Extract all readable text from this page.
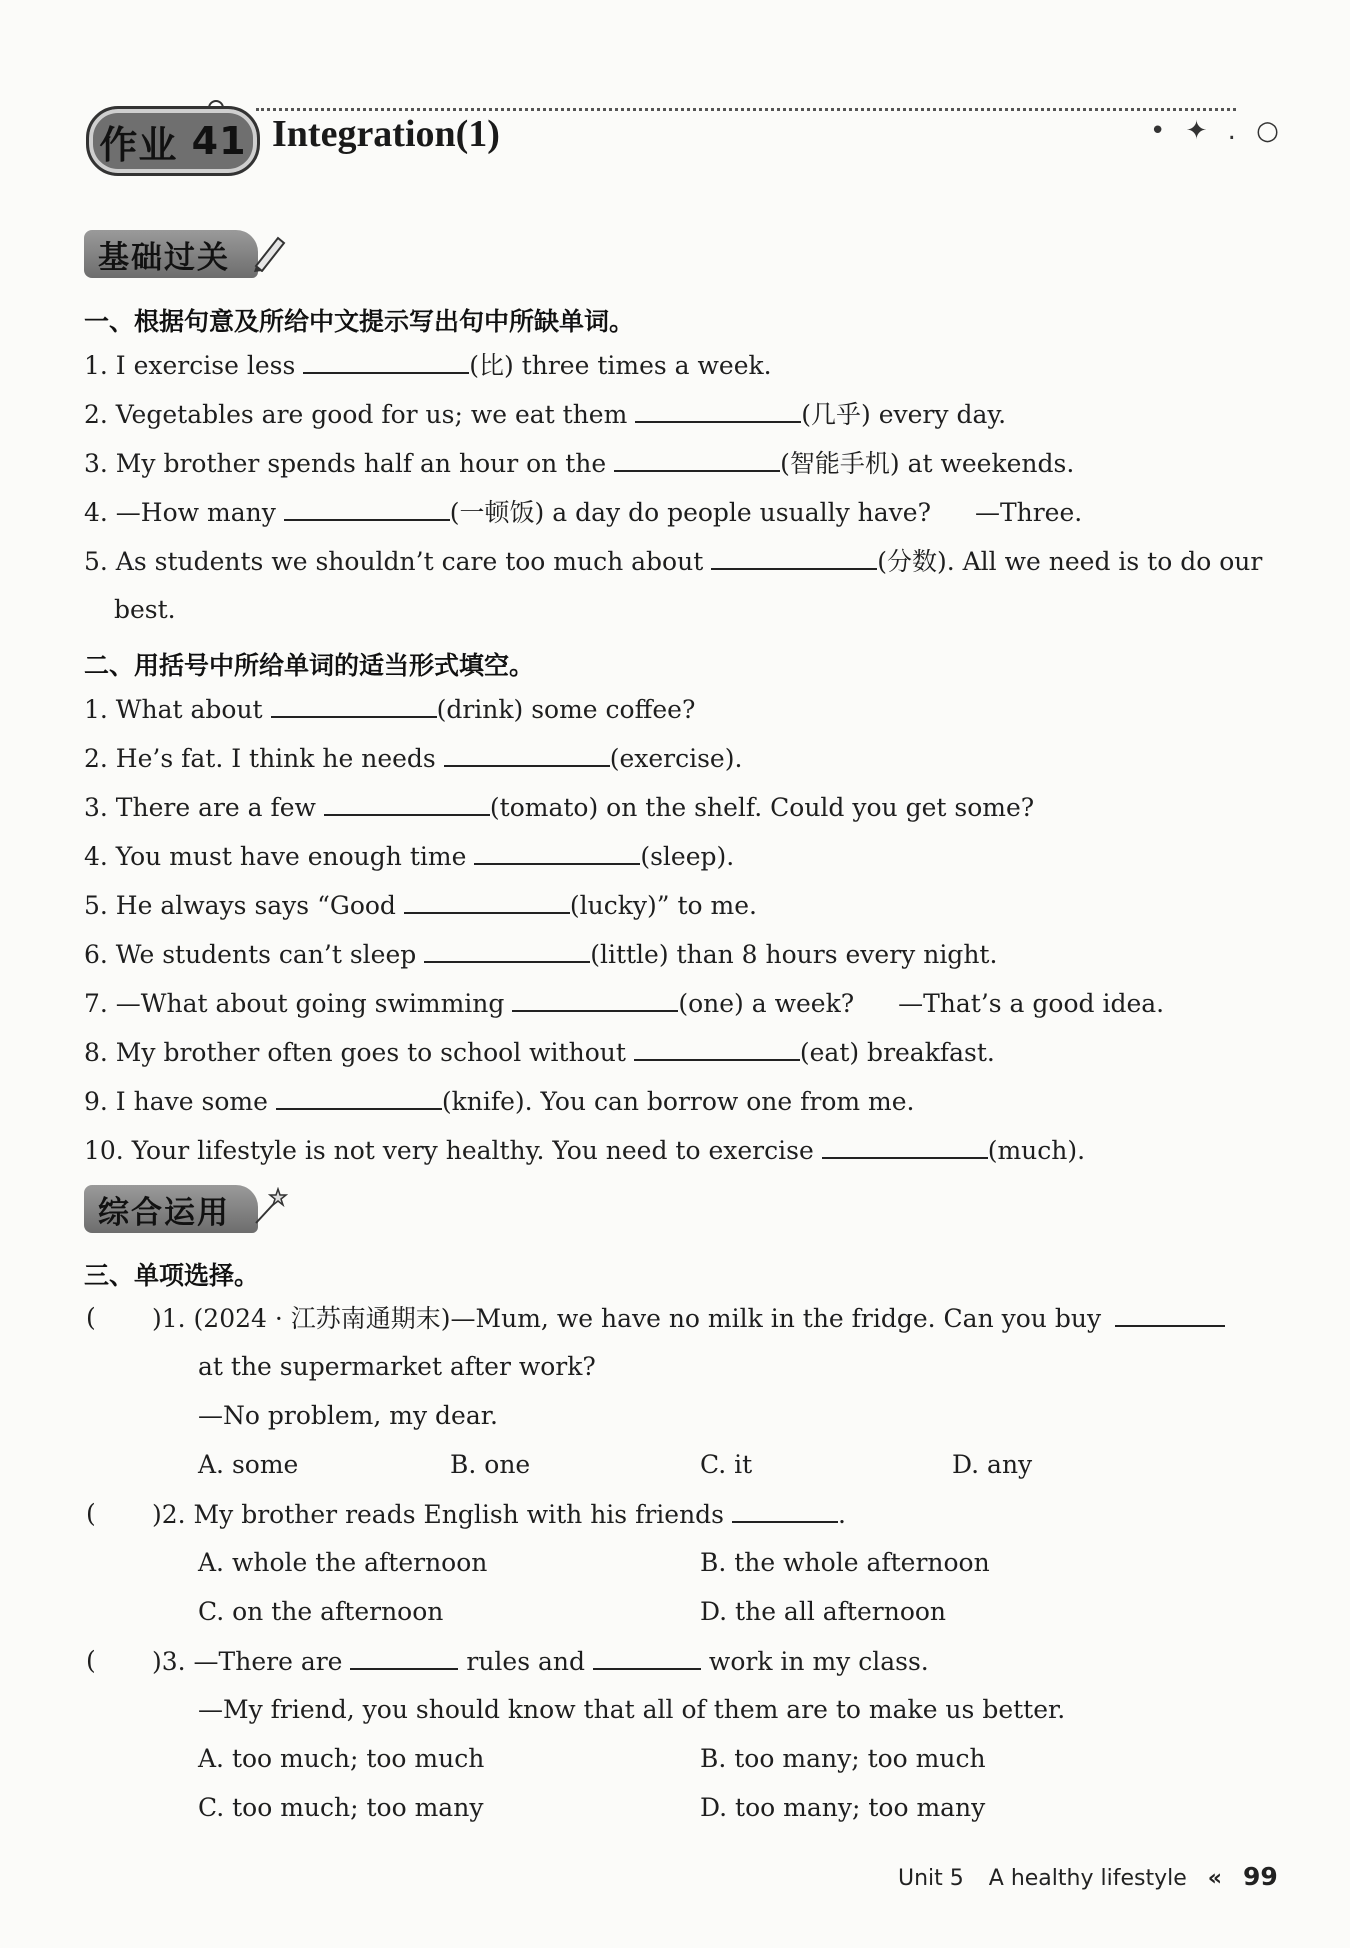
作业
41 Integration(1)	• ✦ . ○
基础过关
一、根据句意及所给中文提示写出句中所缺单词。
1. I exercise less	(比) three times a week.
2. Vegetables are good for us; we eat them	(几乎) every day.
3. My brother spends half an hour on the	(智能手机) at weekends.
4. —How many	(一顿饭) a day do people usually have? —Three.
5. As students we shouldn’t care too much about	(分数). All we need is to do our
best.
二、用括号中所给单词的适当形式填空。
1. What about	(drink) some coffee?
2. He’s fat. I think he needs	(exercise).
3. There are a few	(tomato) on the shelf. Could you get some?
4. You must have enough time	(sleep).
5. He always says “Good	(lucky)” to me.
6. We students can’t sleep	(little) than 8 hours every night.
7. —What about going swimming	(one) a week? —That’s a good idea.
8. My brother often goes to school without	(eat) breakfast.
9. I have some	(knife). You can borrow one from me.
10. Your lifestyle is not very healthy. You need to exercise	(much).
综合运用
三、单项选择。
( )1. (2024 · 江苏南通期末)—Mum, we have no milk in the fridge. Can you buy
at the supermarket after work?
—No problem, my dear.
A. some	B. one	C. it	D. any
( )2. My brother reads English with his friends	.
A. whole the afternoon	B. the whole afternoon
C. on the afternoon	D. the all afternoon
( )3. —There are	rules and	work in my class.
—My friend, you should know that all of them are to make us better.
A. too much; too much	B. too many; too much
C. too much; too many	D. too many; too many
Unit 5 A healthy lifestyle « 99
